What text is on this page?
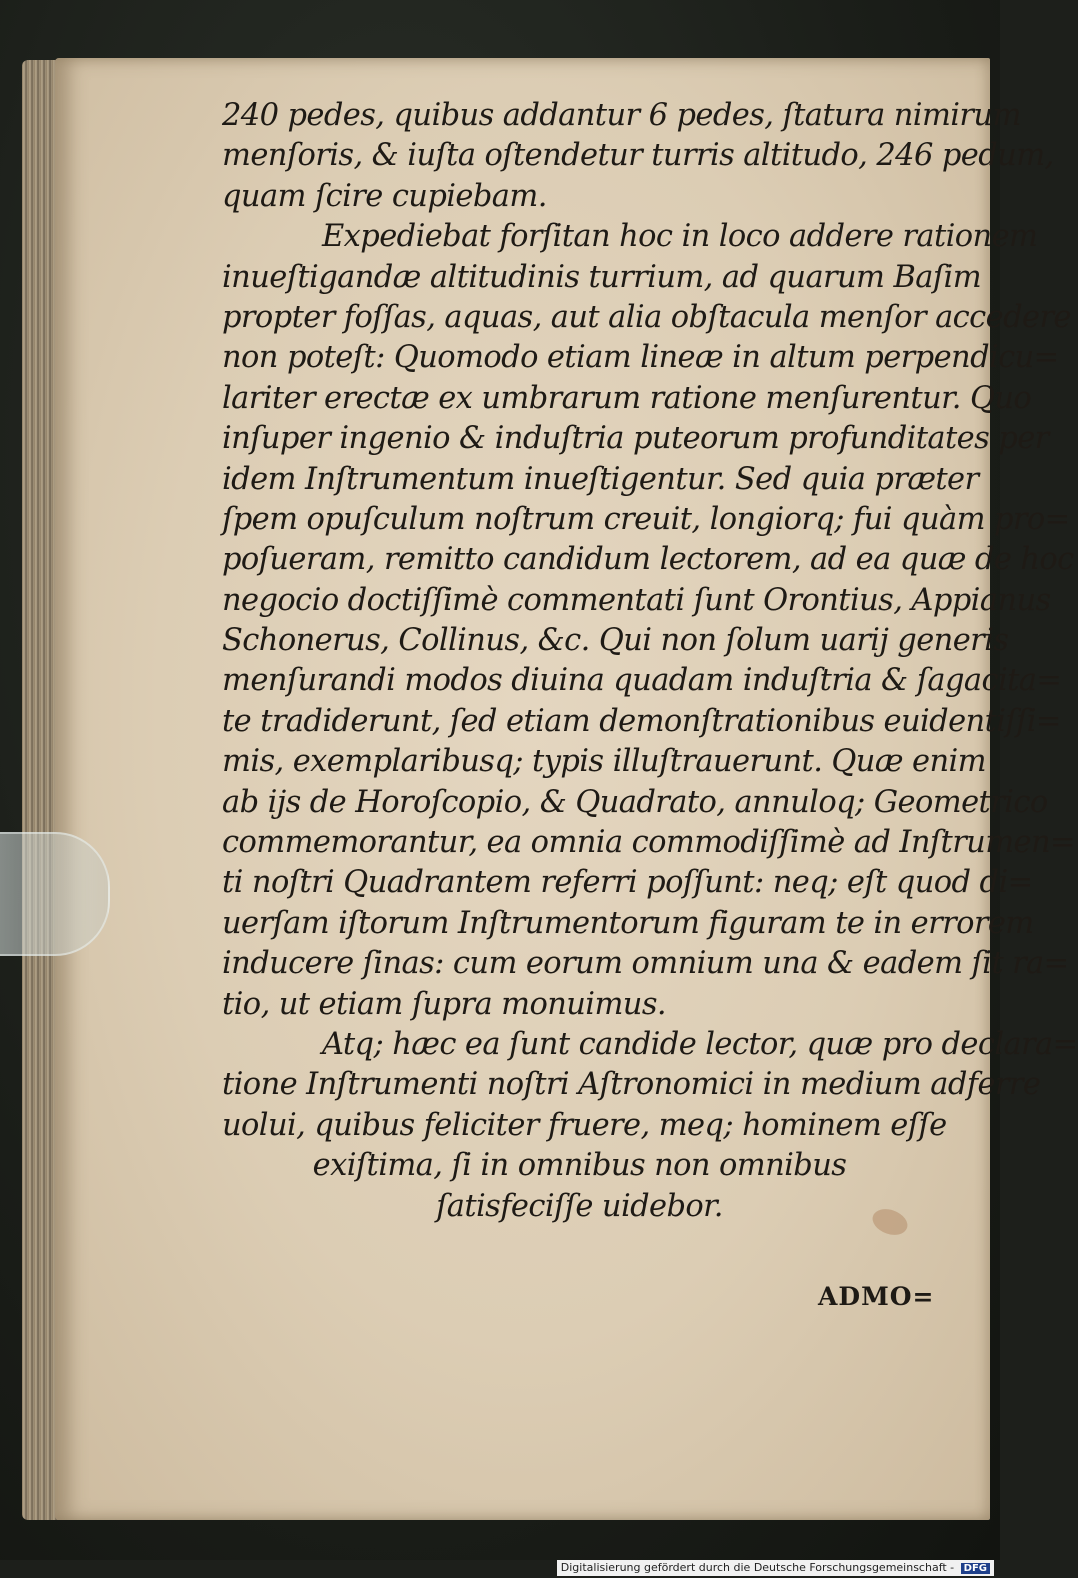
240 pedes, quibus addantur 6 pedes, ſtatura nimirum
menſoris, & iuſta oſtendetur turris altitudo, 246 pedum,
quam ſcire cupiebam.
Expediebat forſitan hoc in loco addere rationem
inueſtigandæ altitudinis turrium, ad quarum Baſim
propter foſſas, aquas, aut alia obſtacula menſor accedere
non poteſt: Quomodo etiam lineæ in altum perpendicu=
lariter erectæ ex umbrarum ratione menſurentur. Quo
inſuper ingenio & induſtria puteorum profunditates per
idem Inſtrumentum inueſtigentur. Sed quia præter
ſpem opuſculum noſtrum creuit, longiorq; fui quàm pro=
poſueram, remitto candidum lectorem, ad ea quæ de hoc
negocio doctiſſimè commentati ſunt Orontius, Appianus
Schonerus, Collinus, &c. Qui non ſolum uarij generis
menſurandi modos diuina quadam induſtria & ſagacita=
te tradiderunt, ſed etiam demonſtrationibus euidentiſſi=
mis, exemplaribusq; typis illuſtrauerunt. Quæ enim
ab ijs de Horoſcopio, & Quadrato, annuloq; Geometrico
commemorantur, ea omnia commodiſſimè ad Inſtrumen=
ti noſtri Quadrantem referri poſſunt: neq; eſt quod di=
uerſam iſtorum Inſtrumentorum figuram te in errorem
inducere ſinas: cum eorum omnium una & eadem ſit ra=
tio, ut etiam ſupra monuimus.
Atq; hæc ea ſunt candide lector, quæ pro declara=
tione Inſtrumenti noſtri Aſtronomici in medium adferre
uolui, quibus feliciter fruere, meq; hominem eſſe
exiſtima, ſi in omnibus non omnibus
ſatisfeciſſe uidebor.
ADMO=
Digitalisierung gefördert durch die Deutsche Forschungsgemeinschaft - DFG
